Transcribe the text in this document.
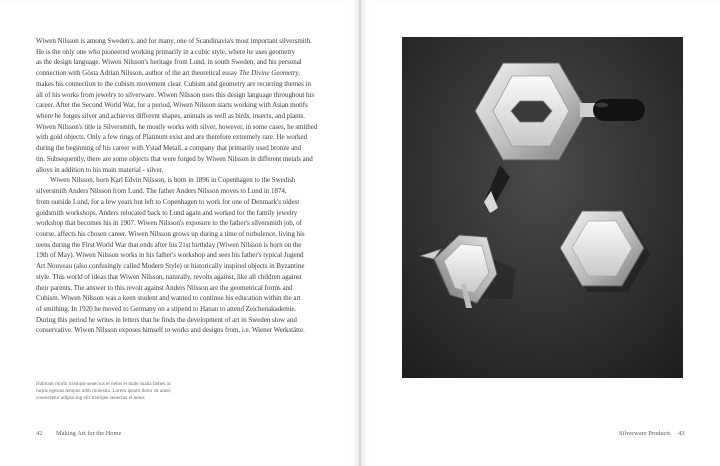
Wiwen Nilsson is among Sweden's, and for many, one of Scandinavia's most important silversmith.
He is the only one who pioneered working primarily in a cubic style, where he uses geometry
as the design language. Wiwen Nilsson's heritage from Lund, in south Sweden, and his personal
connection with Gösta Adrian Nilsson, author of the art theoretical essay The Divine Geometry,
makes his connection to the cubism movement clear. Cubism and geometry are recurring themes in
all of his works from jewelry to silverware. Wiwen Nilsson uses this design language throughout his
career. After the Second World War, for a period, Wiwen Nilsson starts working with Asian motifs
where he forges silver and achieves different shapes, animals as well as birds, insects, and plants.
Wiwen Nilsson's title is Silversmith, he mostly works with silver, however, in some cases, he smithed
with gold objects. Only a few rings of Platinum exist and are therefore extremely rare. He worked
during the beginning of his career with Ystad Metall, a company that primarily used bronze and
tin. Subsequently, there are some objects that were forged by Wiwen Nilsson in different metals and
alloys in addition to his main material - silver.

Wiwen Nilsson, born Karl Edvin Nilsson, is born in 1896 in Copenhagen to the Swedish
silversmith Anders Nilsson from Lund. The father Anders Nilsson moves to Lund in 1874,
from outside Lund, for a few years but left to Copenhagen to work for one of Denmark's oldest
goldsmith workshops. Anders relocated back to Lund again and worked for the family jewelry
workshop that becomes his in 1907. Wiwen Nilsson's exposure to the father's silversmith job, of
course, affects his chosen career. Wiwen Nilsson grows up during a time of turbulence, living his
teens during the First World War that ends after his 21st birthday (Wiwen Nilsson is born on the
19th of May). Wiwen Nilsson works in his father's workshop and sees his father's typical Jugend
Art Nouveau (also confusingly called Modern Style) or historically inspired objects in Byzantine
style. This world of ideas that Wiwen Nilsson, naturally, revolts against, like all children against
their parents. The answer to this revolt against Anders Nilsson are the geometrical forms and
Cubism. Wiwen Nilsson was a keen student and wanted to continue his education within the art
of smithing. In 1920 he moved to Germany on a stipend to Hanau to attend Zeichenakademie.
During this period he writes in letters that he finds the development of art in Sweden slow and
conservative. Wiwen Nilsson exposes himself to works and designs from, i.e. Wiener Werkstätte.

Habitant morbi tristique senectus et netus et male suada fames ac
turpis egestas tempus nibh molestia. Lorem ipsum dolor sit amet,
consectetur adipiscing elit tristique senectus et netus

42 Making Art for the Home	Silverware Products 43
